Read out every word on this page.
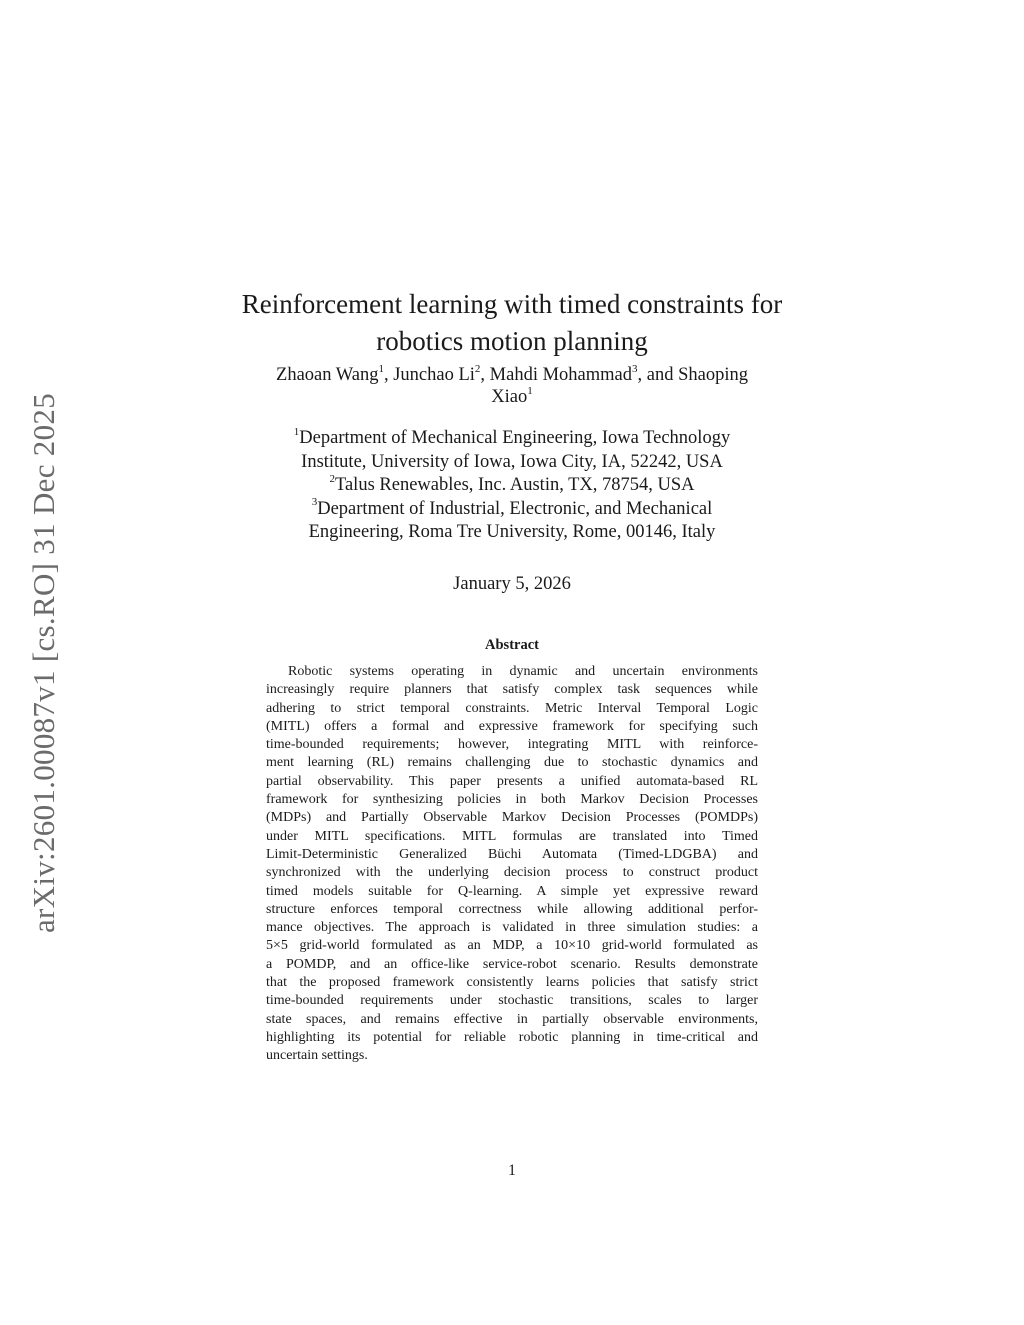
arXiv:2601.00087v1 [cs.RO] 31 Dec 2025
Reinforcement learning with timed constraints for
robotics motion planning
Zhaoan Wang$^1$, Junchao Li$^2$, Mahdi Mohammad$^3$, and Shaoping
Xiao$^1$
$^1$Department of Mechanical Engineering, Iowa Technology
Institute, University of Iowa, Iowa City, IA, 52242, USA
$^2$Talus Renewables, Inc. Austin, TX, 78754, USA
$^3$Department of Industrial, Electronic, and Mechanical
Engineering, Roma Tre University, Rome, 00146, Italy
January 5, 2026
Abstract
Robotic systems operating in dynamic and uncertain environments
increasingly require planners that satisfy complex task sequences while
adhering to strict temporal constraints. Metric Interval Temporal Logic
(MITL) offers a formal and expressive framework for specifying such
time-bounded requirements; however, integrating MITL with reinforce-
ment learning (RL) remains challenging due to stochastic dynamics and
partial observability. This paper presents a unified automata-based RL
framework for synthesizing policies in both Markov Decision Processes
(MDPs) and Partially Observable Markov Decision Processes (POMDPs)
under MITL specifications. MITL formulas are translated into Timed
Limit-Deterministic Generalized Büchi Automata (Timed-LDGBA) and
synchronized with the underlying decision process to construct product
timed models suitable for Q-learning. A simple yet expressive reward
structure enforces temporal correctness while allowing additional perfor-
mance objectives. The approach is validated in three simulation studies: a
5×5 grid-world formulated as an MDP, a 10×10 grid-world formulated as
a POMDP, and an office-like service-robot scenario. Results demonstrate
that the proposed framework consistently learns policies that satisfy strict
time-bounded requirements under stochastic transitions, scales to larger
state spaces, and remains effective in partially observable environments,
highlighting its potential for reliable robotic planning in time-critical and
uncertain settings.
1
